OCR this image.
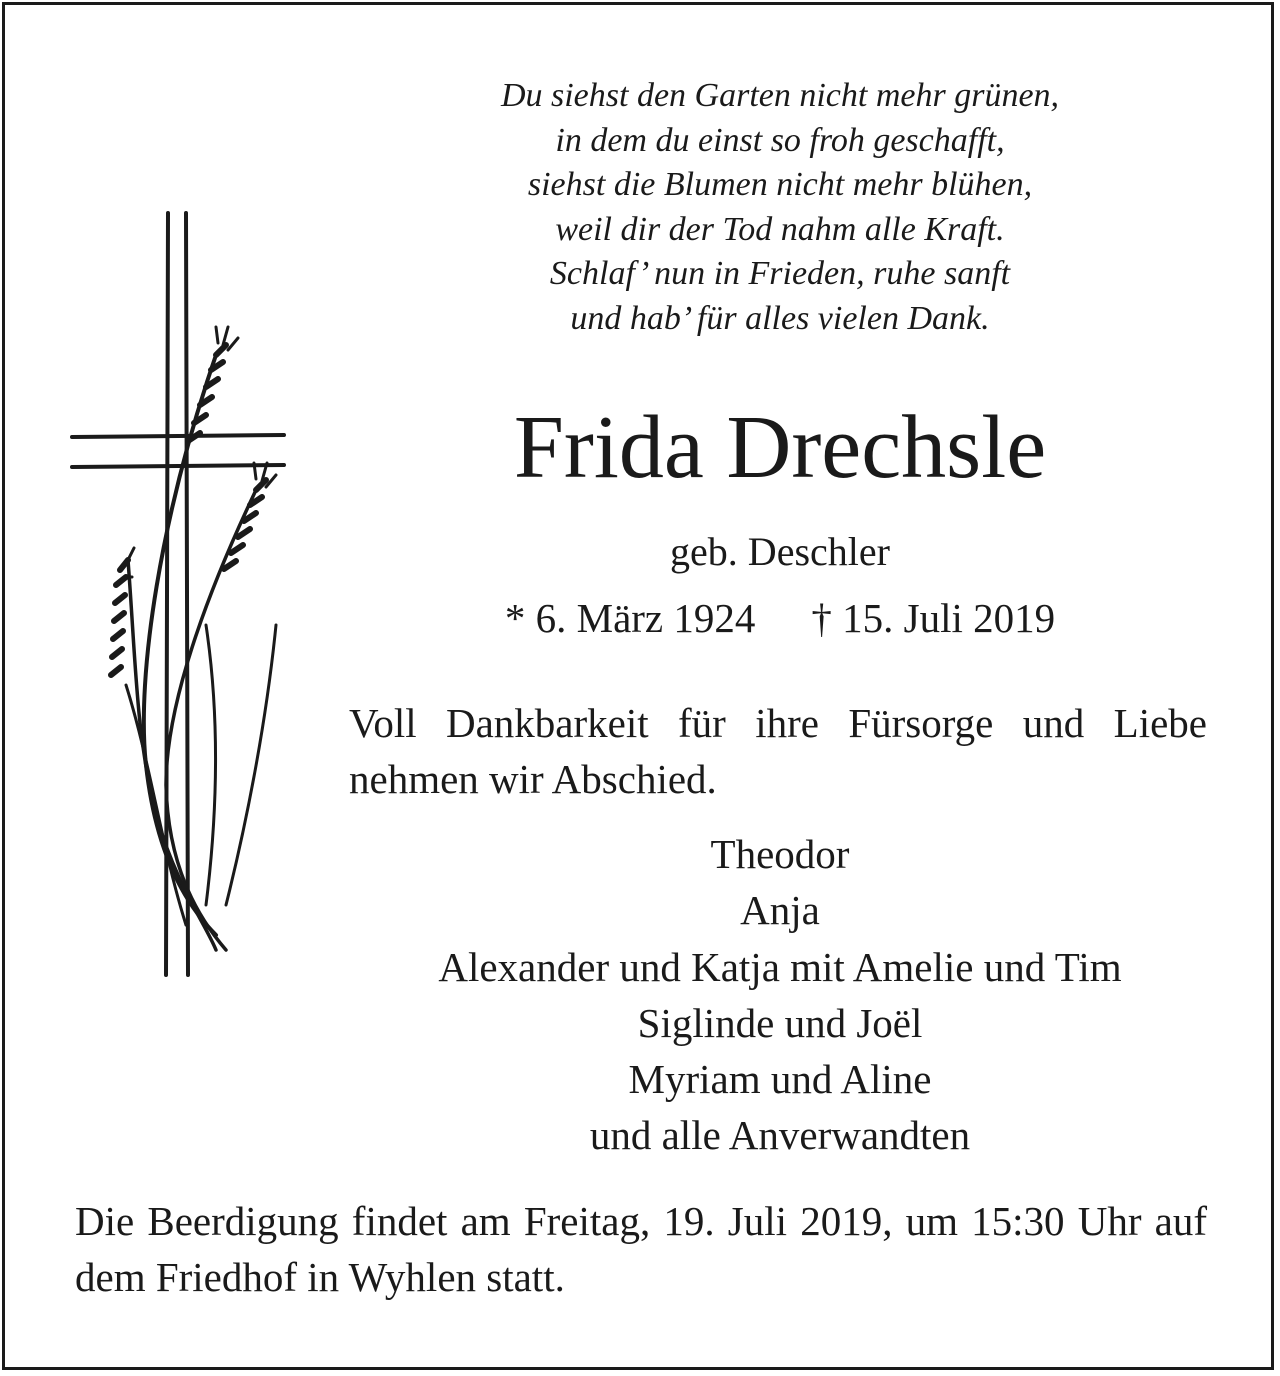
Du siehst den Garten nicht mehr grünen,
in dem du einst so froh geschafft,
siehst die Blumen nicht mehr blühen,
weil dir der Tod nahm alle Kraft.
Schlaf’ nun in Frieden, ruhe sanft
und hab’ für alles vielen Dank.
Frida Drechsle
geb. Deschler
* 6. März 1924 † 15. Juli 2019
Voll Dankbarkeit für ihre Fürsorge und Liebe nehmen wir Abschied.
Theodor
Anja
Alexander und Katja mit Amelie und Tim
Siglinde und Joël
Myriam und Aline
und alle Anverwandten
Die Beerdigung findet am Freitag, 19. Juli 2019, um 15:30 Uhr auf dem Friedhof in Wyhlen statt.
